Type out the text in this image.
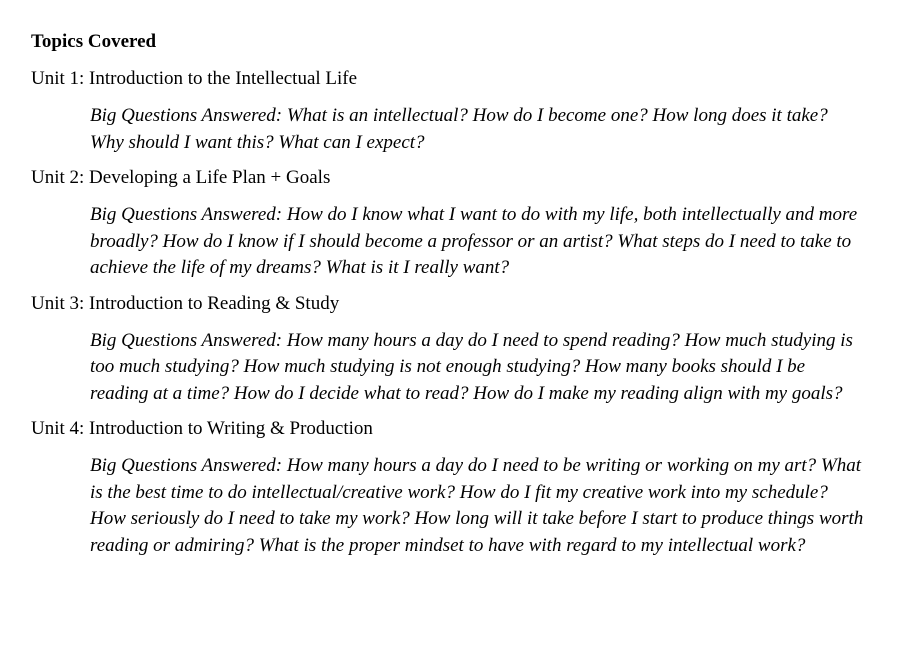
Topics Covered
Unit 1: Introduction to the Intellectual Life
Big Questions Answered: What is an intellectual? How do I become one? How long does it take? Why should I want this? What can I expect?
Unit 2: Developing a Life Plan + Goals
Big Questions Answered: How do I know what I want to do with my life, both intellectually and more broadly? How do I know if I should become a professor or an artist? What steps do I need to take to achieve the life of my dreams? What is it I really want?
Unit 3: Introduction to Reading & Study
Big Questions Answered: How many hours a day do I need to spend reading? How much studying is too much studying? How much studying is not enough studying? How many books should I be reading at a time? How do I decide what to read? How do I make my reading align with my goals?
Unit 4: Introduction to Writing & Production
Big Questions Answered: How many hours a day do I need to be writing or working on my art? What is the best time to do intellectual/creative work? How do I fit my creative work into my schedule? How seriously do I need to take my work? How long will it take before I start to produce things worth reading or admiring? What is the proper mindset to have with regard to my intellectual work?
